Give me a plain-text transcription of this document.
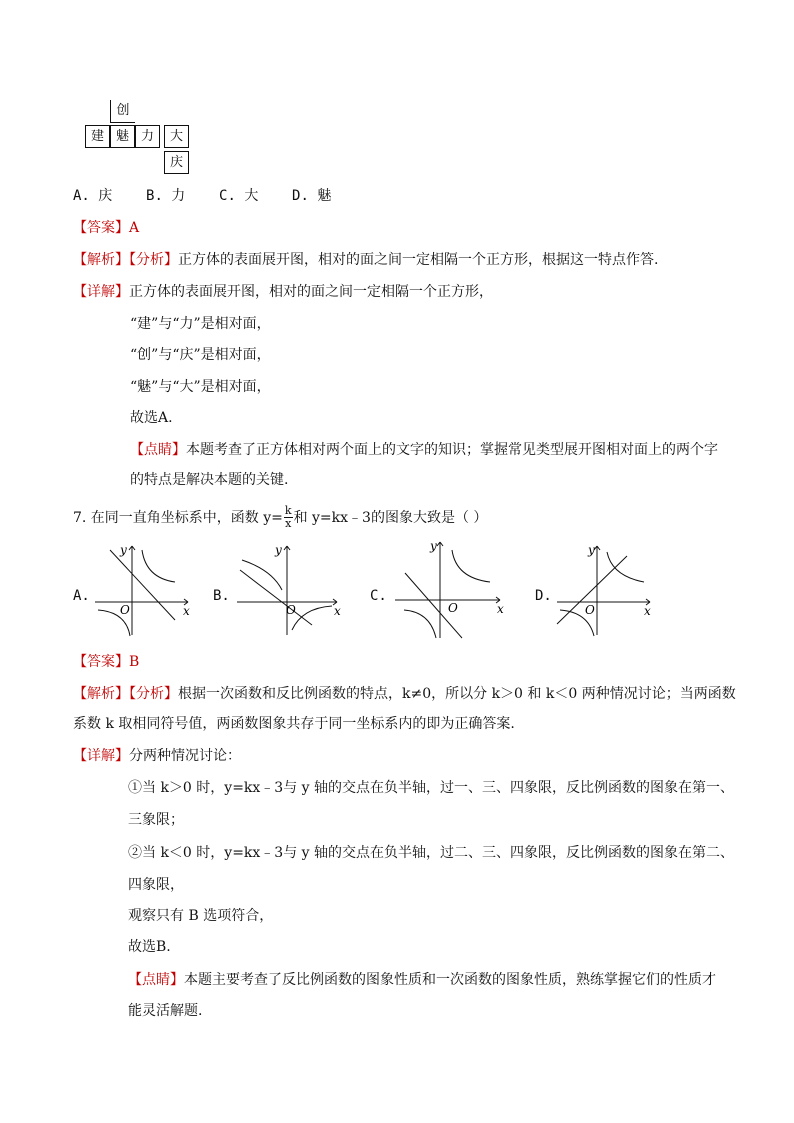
创
建 魅 力	大
庆
A. 庆 B. 力 C. 大 D. 魅
【答案】A
【解析】【分析】正方体的表面展开图，相对的面之间一定相隔一个正方形，根据这一特点作答.
【详解】正方体的表面展开图，相对的面之间一定相隔一个正方形，
“建”与“力”是相对面，
“创”与“庆”是相对面，
“魅”与“大”是相对面，
故选A.
【点睛】本题考查了正方体相对两个面上的文字的知识；掌握常见类型展开图相对面上的两个字
的特点是解决本题的关键.
7. 在同一直角坐标系中，函数 $y= \frac{k}{x}$ 和 y=kx﹣3的图象大致是（ ）
A.
y
x
O
B.
y
x
O
C.
y
x
O
D.
y
x
O
【答案】B
【解析】【分析】根据一次函数和反比例函数的特点，k≠0，所以分 k＞0 和 k＜0 两种情况讨论；当两函数
系数 k 取相同符号值，两函数图象共存于同一坐标系内的即为正确答案.
【详解】分两种情况讨论：
①当 k＞0 时，y=kx﹣3与 y 轴的交点在负半轴，过一、三、四象限，反比例函数的图象在第一、
三象限；
②当 k＜0 时，y=kx﹣3与 y 轴的交点在负半轴，过二、三、四象限，反比例函数的图象在第二、
四象限，
观察只有 B 选项符合，
故选B.
【点睛】本题主要考查了反比例函数的图象性质和一次函数的图象性质，熟练掌握它们的性质才
能灵活解题.
